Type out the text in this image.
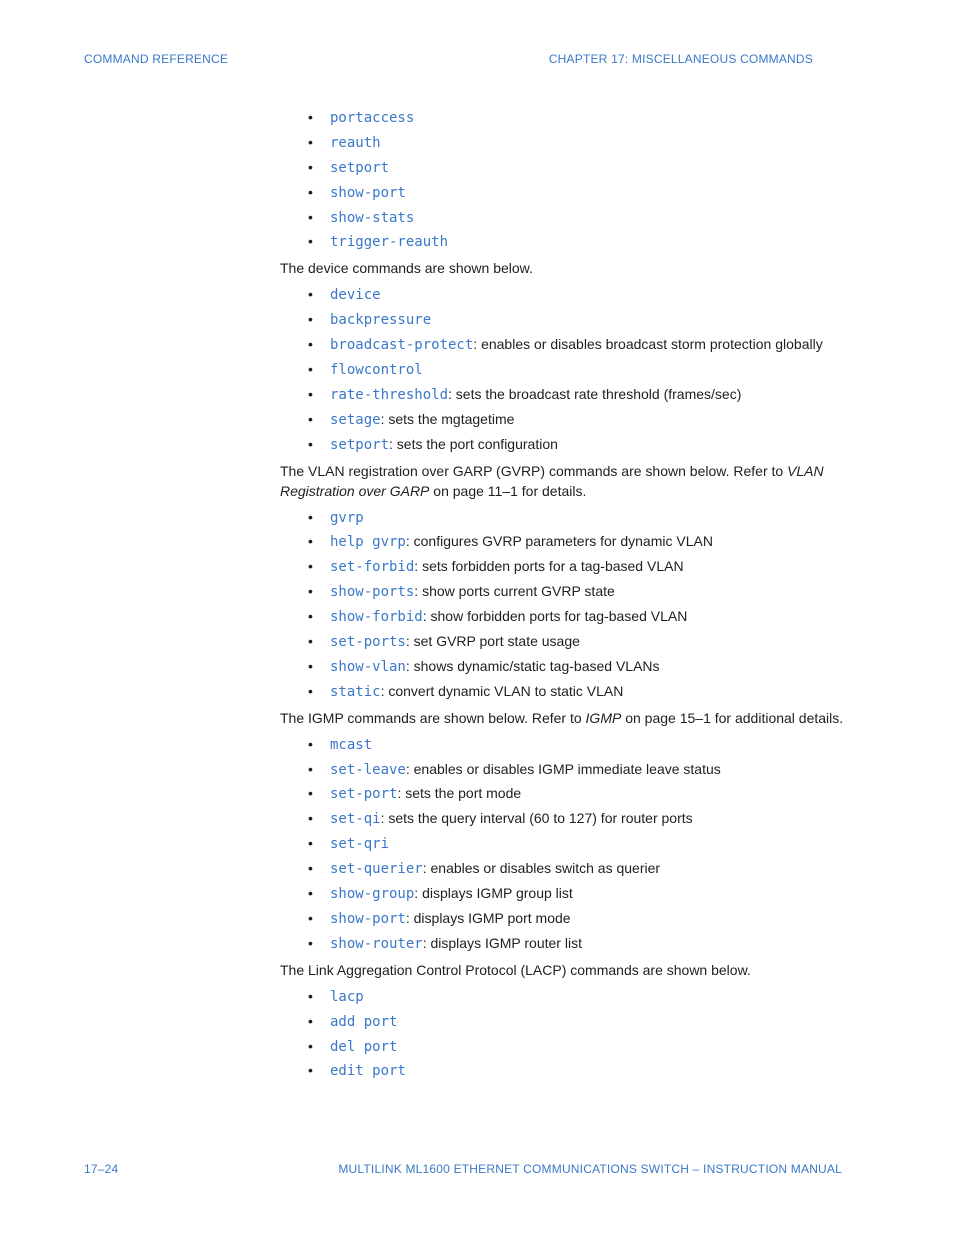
COMMAND REFERENCE	CHAPTER 17: MISCELLANEOUS COMMANDS
• portaccess
• reauth
• setport
• show-port
• show-stats
• trigger-reauth

The device commands are shown below.

• device
• backpressure
• broadcast-protect: enables or disables broadcast storm protection globally
• flowcontrol
• rate-threshold: sets the broadcast rate threshold (frames/sec)
• setage: sets the mgtagetime
• setport: sets the port configuration

The VLAN registration over GARP (GVRP) commands are shown below. Refer to VLAN Registration over GARP on page 11–1 for details.

• gvrp
• help gvrp: configures GVRP parameters for dynamic VLAN
• set-forbid: sets forbidden ports for a tag-based VLAN
• show-ports: show ports current GVRP state
• show-forbid: show forbidden ports for tag-based VLAN
• set-ports: set GVRP port state usage
• show-vlan: shows dynamic/static tag-based VLANs
• static: convert dynamic VLAN to static VLAN

The IGMP commands are shown below. Refer to IGMP on page 15–1 for additional details.

• mcast
• set-leave: enables or disables IGMP immediate leave status
• set-port: sets the port mode
• set-qi: sets the query interval (60 to 127) for router ports
• set-qri
• set-querier: enables or disables switch as querier
• show-group: displays IGMP group list
• show-port: displays IGMP port mode
• show-router: displays IGMP router list

The Link Aggregation Control Protocol (LACP) commands are shown below.

• lacp
• add port
• del port
• edit port
17–24	MULTILINK ML1600 ETHERNET COMMUNICATIONS SWITCH – INSTRUCTION MANUAL
